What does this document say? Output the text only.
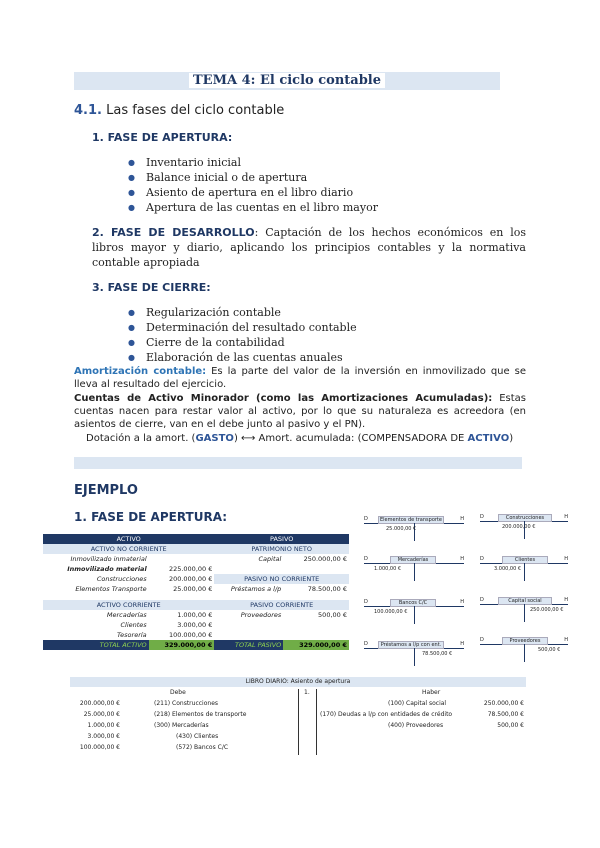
TEMA 4: El ciclo contable
4.1. Las fases del ciclo contable
1. FASE DE APERTURA:
● Inventario inicial
● Balance inicial o de apertura
● Asiento de apertura en el libro diario
● Apertura de las cuentas en el libro mayor
2. FASE DE DESARROLLO: Captación de los hechos económicos en los libros mayor y diario, aplicando los principios contables y la normativa contable apropiada
3. FASE DE CIERRE:
● Regularización contable
● Determinación del resultado contable
● Cierre de la contabilidad
● Elaboración de las cuentas anuales
Amortización contable: Es la parte del valor de la inversión en inmovilizado que se lleva al resultado del ejercicio.
Cuentas de Activo Minorador (como las Amortizaciones Acumuladas): Estas cuentas nacen para restar valor al activo, por lo que su naturaleza es acreedora (en asientos de cierre, van en el debe junto al pasivo y el PN).
Dotación a la amort. (GASTO) ⟷ Amort. acumulada: (COMPENSADORA DE ACTIVO)
EJEMPLO
1. FASE DE APERTURA:
ACTIVO		PASIVO	
ACTIVO NO CORRIENTE		PATRIMONIO NETO	
Inmovilizado inmaterial		Capital	250.000,00 €
Inmovilizado material	225.000,00 €		
Construcciones	200.000,00 €	PASIVO NO CORRIENTE	
Elementos Transporte	25.000,00 €	Préstamos a l/p	78.500,00 €

ACTIVO CORRIENTE		PASIVO CORRIENTE	
Mercaderías	1.000,00 €	Proveedores	500,00 €
Clientes	3.000,00 €		
Tesorería	100.000,00 €		
TOTAL ACTIVO	329.000,00 €	TOTAL PASIVO	329.000,00 €
D	H
Elementos de transporte
25.000,00 €
D	H
Mercaderías
1.000,00 €
D	H
Bancos C/C
100.000,00 €
D	H
Préstamos a l/p con ent.
78.500,00 €
D	H
Construcciones
200.000,00 €
D	H
Clientes
3.000,00 €
D	H
Capital social
250.000,00 €
D	H
Proveedores
500,00 €
LIBRO DIARIO: Asiento de apertura
Debe	1.	Haber
200.000,00 €	(211) Construcciones
25.000,00 €	(218) Elementos de transporte
1.000,00 €	(300) Mercaderías
3.000,00 €	(430) Clientes
100.000,00 €	(572) Bancos C/C
(100) Capital social	250.000,00 €
(170) Deudas a l/p con entidades de crédito	78.500,00 €
(400) Proveedores	500,00 €
